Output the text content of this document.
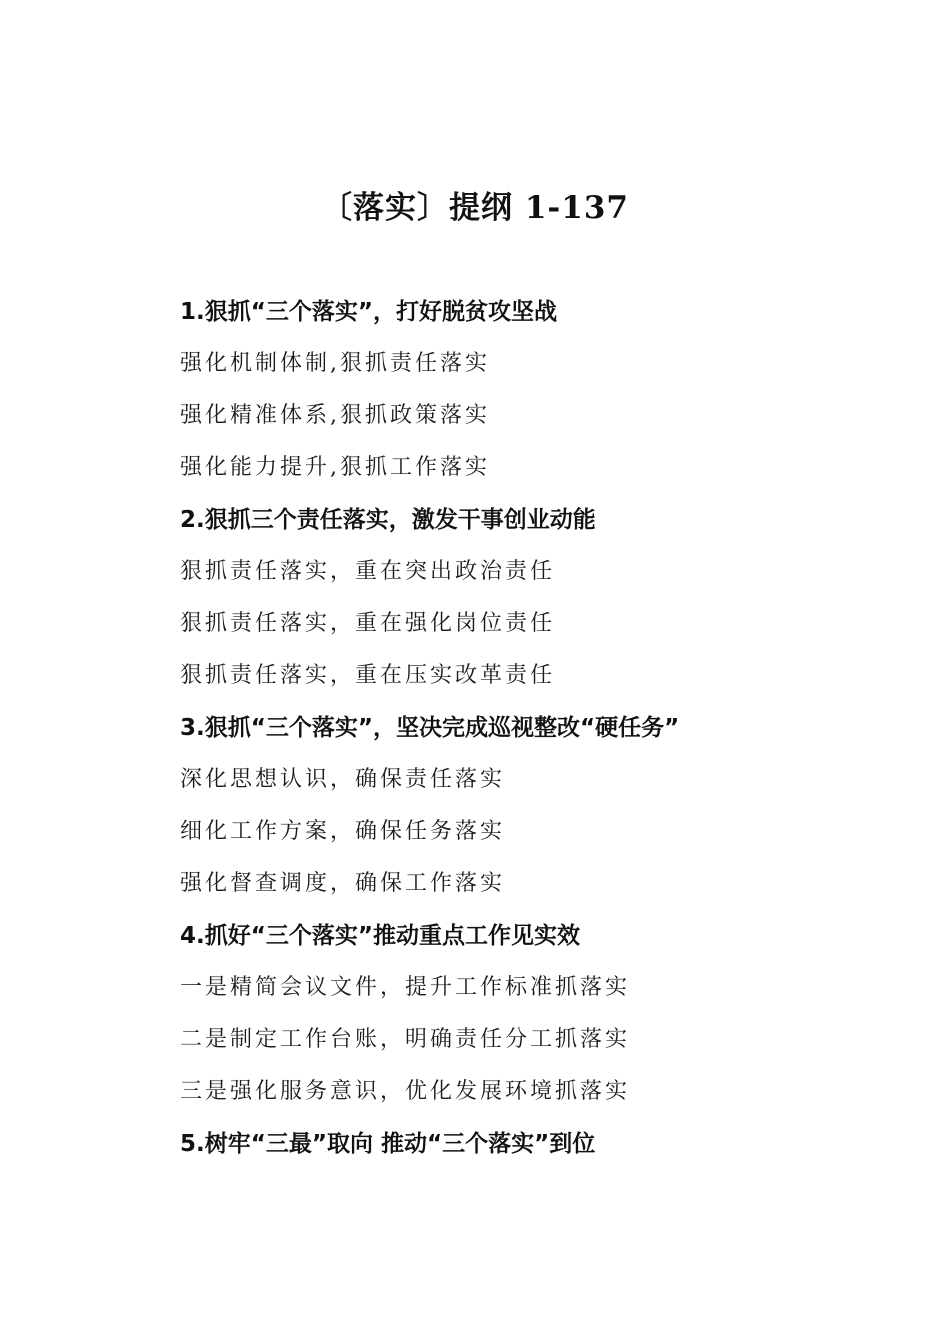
〔落实〕提纲 1-137
1.狠抓“三个落实”，打好脱贫攻坚战
强化机制体制,狠抓责任落实
强化精准体系,狠抓政策落实
强化能力提升,狠抓工作落实
2.狠抓三个责任落实，激发干事创业动能
狠抓责任落实，重在突出政治责任
狠抓责任落实，重在强化岗位责任
狠抓责任落实，重在压实改革责任
3.狠抓“三个落实”，坚决完成巡视整改“硬任务”
深化思想认识，确保责任落实
细化工作方案，确保任务落实
强化督查调度，确保工作落实
4.抓好“三个落实”推动重点工作见实效
一是精简会议文件，提升工作标准抓落实
二是制定工作台账，明确责任分工抓落实
三是强化服务意识，优化发展环境抓落实
5.树牢“三最”取向 推动“三个落实”到位
